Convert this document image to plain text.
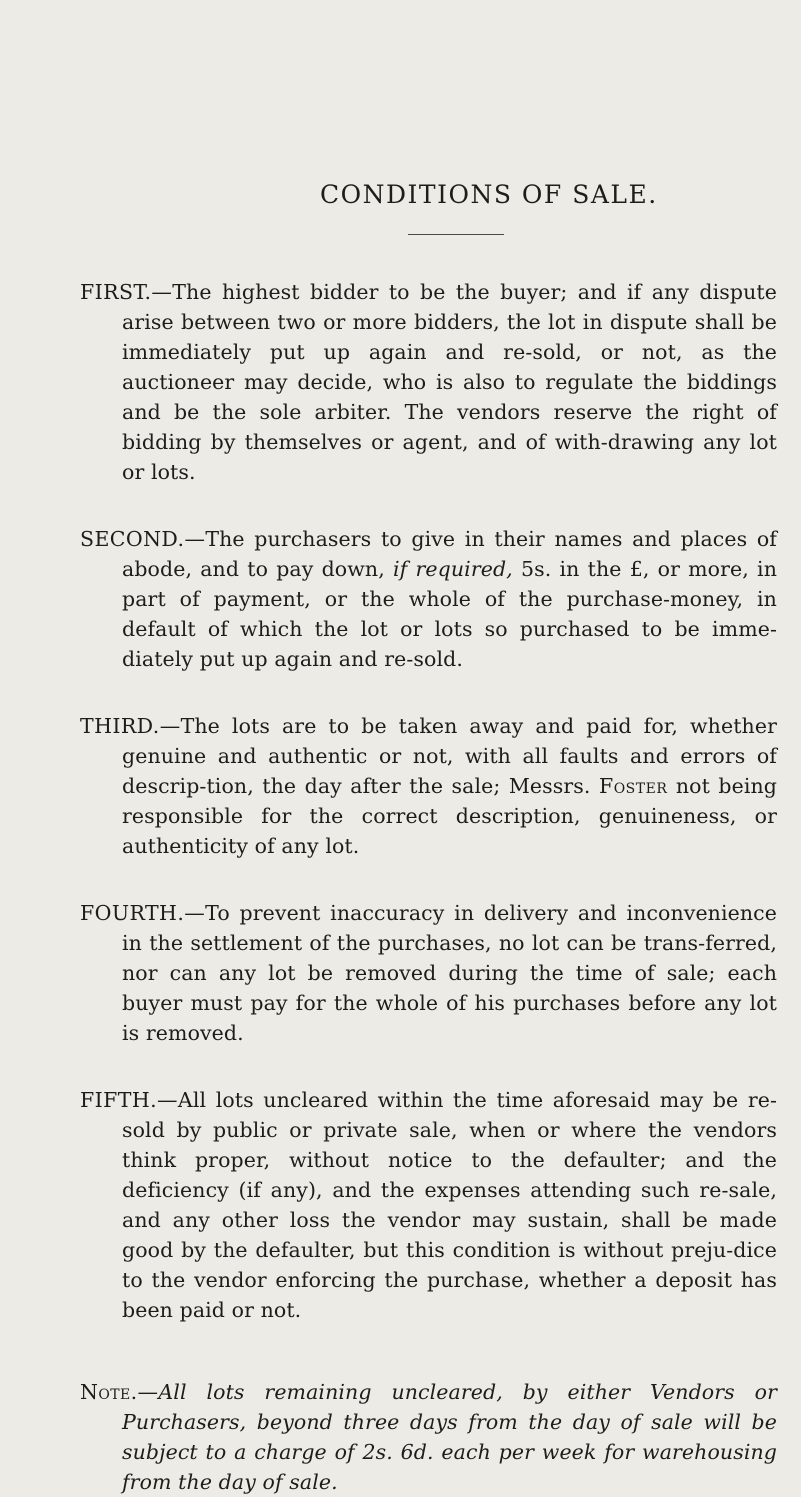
CONDITIONS OF SALE.

FIRST.—The highest bidder to be the buyer; and if any dispute arise between two or more bidders, the lot in dispute shall be immediately put up again and re-sold, or not, as the auctioneer may decide, who is also to regulate the biddings and be the sole arbiter. The vendors reserve the right of bidding by themselves or agent, and of with-drawing any lot or lots.

SECOND.—The purchasers to give in their names and places of abode, and to pay down, if required, 5s. in the £, or more, in part of payment, or the whole of the purchase-money, in default of which the lot or lots so purchased to be imme-diately put up again and re-sold.

THIRD.—The lots are to be taken away and paid for, whether genuine and authentic or not, with all faults and errors of descrip-tion, the day after the sale; Messrs. Foster not being responsible for the correct description, genuineness, or authenticity of any lot.

FOURTH.—To prevent inaccuracy in delivery and inconvenience in the settlement of the purchases, no lot can be trans-ferred, nor can any lot be removed during the time of sale; each buyer must pay for the whole of his purchases before any lot is removed.

FIFTH.—All lots uncleared within the time aforesaid may be re-sold by public or private sale, when or where the vendors think proper, without notice to the defaulter; and the deficiency (if any), and the expenses attending such re-sale, and any other loss the vendor may sustain, shall be made good by the defaulter, but this condition is without preju-dice to the vendor enforcing the purchase, whether a deposit has been paid or not.

Note.—All lots remaining uncleared, by either Vendors or Purchasers, beyond three days from the day of sale will be subject to a charge of 2s. 6d. each per week for warehousing from the day of sale.
